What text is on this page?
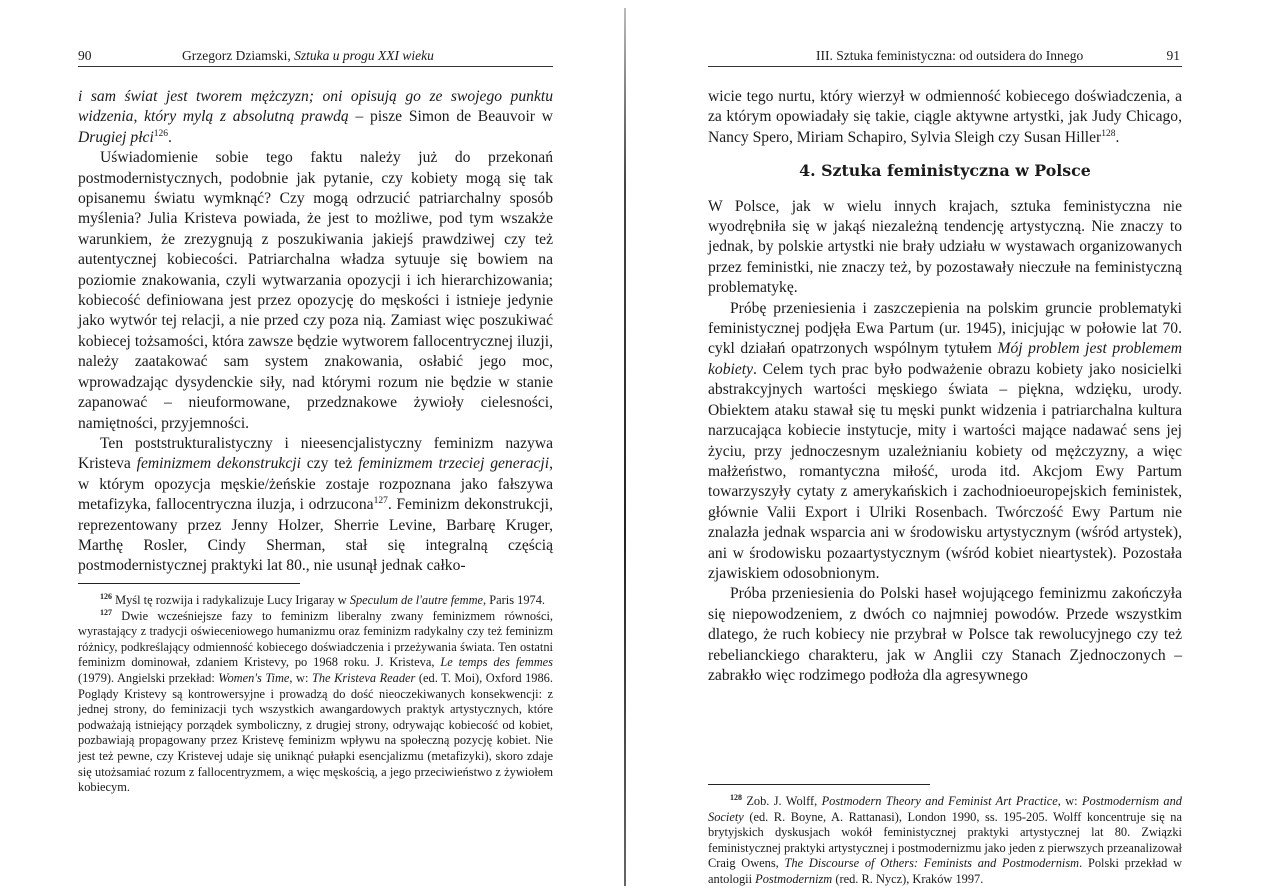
90	Grzegorz Dziamski, Sztuka u progu XXI wieku

i sam świat jest tworem mężczyzn; oni opisują go ze swojego punktu widzenia, który mylą z absolutną prawdą – pisze Simon de Beauvoir w Drugiej płci$^{126}$.

Uświadomienie sobie tego faktu należy już do przekonań postmodernistycznych, podobnie jak pytanie, czy kobiety mogą się tak opisanemu światu wymknąć? Czy mogą odrzucić patriarchalny sposób myślenia? Julia Kristeva powiada, że jest to możliwe, pod tym wszakże warunkiem, że zrezygnują z poszukiwania jakiejś prawdziwej czy też autentycznej kobiecości. Patriarchalna władza sytuuje się bowiem na poziomie znakowania, czyli wytwarzania opozycji i ich hierarchizowania; kobiecość definiowana jest przez opozycję do męskości i istnieje jedynie jako wytwór tej relacji, a nie przed czy poza nią. Zamiast więc poszukiwać kobiecej tożsamości, która zawsze będzie wytworem fallocentrycznej iluzji, należy zaatakować sam system znakowania, osłabić jego moc, wprowadzając dysydenckie siły, nad którymi rozum nie będzie w stanie zapanować – nieuformowane, przedznakowe żywioły cielesności, namiętności, przyjemności.

Ten poststrukturalistyczny i nieesencjalistyczny feminizm nazywa Kristeva feminizmem dekonstrukcji czy też feminizmem trzeciej generacji, w którym opozycja męskie/żeńskie zostaje rozpoznana jako fałszywa metafizyka, fallocentryczna iluzja, i odrzucona$^{127}$. Feminizm dekonstrukcji, reprezentowany przez Jenny Holzer, Sherrie Levine, Barbarę Kruger, Marthę Rosler, Cindy Sherman, stał się integralną częścią postmodernistycznej praktyki lat 80., nie usunął jednak całko-

$^{126}$ Myśl tę rozwija i radykalizuje Lucy Irigaray w Speculum de l'autre femme, Paris 1974.

$^{127}$ Dwie wcześniejsze fazy to feminizm liberalny zwany feminizmem równości, wyrastający z tradycji oświeceniowego humanizmu oraz feminizm radykalny czy też feminizm różnicy, podkreślający odmienność kobiecego doświadczenia i przeżywania świata. Ten ostatni feminizm dominował, zdaniem Kristevy, po 1968 roku. J. Kristeva, Le temps des femmes (1979). Angielski przekład: Women's Time, w: The Kristeva Reader (ed. T. Moi), Oxford 1986. Poglądy Kristevy są kontrowersyjne i prowadzą do dość nieoczekiwanych konsekwencji: z jednej strony, do feminizacji tych wszystkich awangardowych praktyk artystycznych, które podważają istniejący porządek symboliczny, z drugiej strony, odrywając kobiecość od kobiet, pozbawiają propagowany przez Kristevę feminizm wpływu na społeczną pozycję kobiet. Nie jest też pewne, czy Kristevej udaje się uniknąć pułapki esencjalizmu (metafizyki), skoro zdaje się utożsamiać rozum z fallocentryzmem, a więc męskością, a jego przeciwieństwo z żywiołem kobiecym.

III. Sztuka feministyczna: od outsidera do Innego	91

wicie tego nurtu, który wierzył w odmienność kobiecego doświadczenia, a za którym opowiadały się takie, ciągle aktywne artystki, jak Judy Chicago, Nancy Spero, Miriam Schapiro, Sylvia Sleigh czy Susan Hiller$^{128}$.

4. Sztuka feministyczna w Polsce

W Polsce, jak w wielu innych krajach, sztuka feministyczna nie wyodrębniła się w jakąś niezależną tendencję artystyczną. Nie znaczy to jednak, by polskie artystki nie brały udziału w wystawach organizowanych przez feministki, nie znaczy też, by pozostawały nieczułe na feministyczną problematykę.

Próbę przeniesienia i zaszczepienia na polskim gruncie problematyki feministycznej podjęła Ewa Partum (ur. 1945), inicjując w połowie lat 70. cykl działań opatrzonych wspólnym tytułem Mój problem jest problemem kobiety. Celem tych prac było podważenie obrazu kobiety jako nosicielki abstrakcyjnych wartości męskiego świata – piękna, wdzięku, urody. Obiektem ataku stawał się tu męski punkt widzenia i patriarchalna kultura narzucająca kobiecie instytucje, mity i wartości mające nadawać sens jej życiu, przy jednoczesnym uzależnianiu kobiety od mężczyzny, a więc małżeństwo, romantyczna miłość, uroda itd. Akcjom Ewy Partum towarzyszyły cytaty z amerykańskich i zachodnioeuropejskich feministek, głównie Valii Export i Ulriki Rosenbach. Twórczość Ewy Partum nie znalazła jednak wsparcia ani w środowisku artystycznym (wśród artystek), ani w środowisku pozaartystycznym (wśród kobiet nieartystek). Pozostała zjawiskiem odosobnionym.

Próba przeniesienia do Polski haseł wojującego feminizmu zakończyła się niepowodzeniem, z dwóch co najmniej powodów. Przede wszystkim dlatego, że ruch kobiecy nie przybrał w Polsce tak rewolucyjnego czy też rebelianckiego charakteru, jak w Anglii czy Stanach Zjednoczonych – zabrakło więc rodzimego podłoża dla agresywnego

$^{128}$ Zob. J. Wolff, Postmodern Theory and Feminist Art Practice, w: Postmodernism and Society (ed. R. Boyne, A. Rattanasi), London 1990, ss. 195-205. Wolff koncentruje się na brytyjskich dyskusjach wokół feministycznej praktyki artystycznej lat 80. Związki feministycznej praktyki artystycznej i postmodernizmu jako jeden z pierwszych przeanalizował Craig Owens, The Discourse of Others: Feminists and Postmodernism. Polski przekład w antologii Postmodernizm (red. R. Nycz), Kraków 1997.
